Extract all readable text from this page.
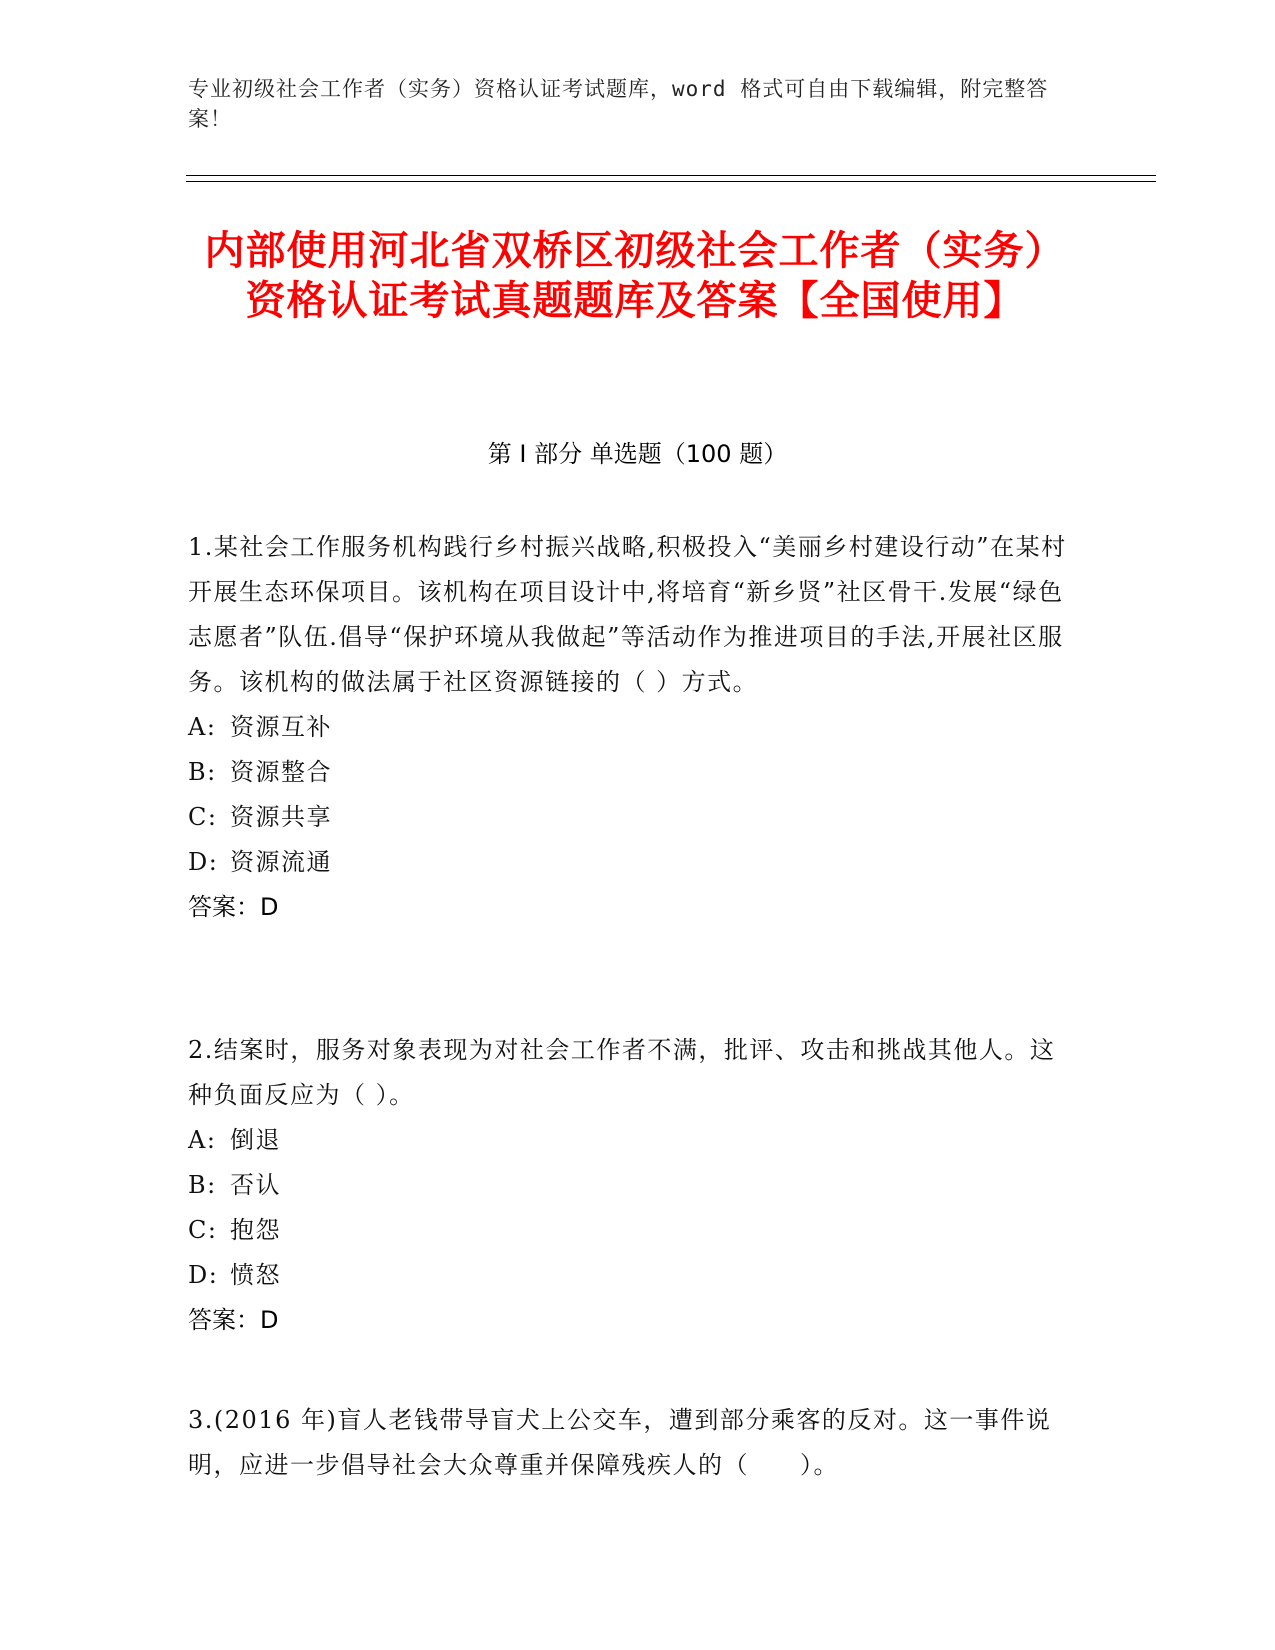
专业初级社会工作者（实务）资格认证考试题库，word 格式可自由下载编辑，附完整答案！
内部使用河北省双桥区初级社会工作者（实务）资格认证考试真题题库及答案【全国使用】
第 I 部分 单选题（100 题）
1.某社会工作服务机构践行乡村振兴战略,积极投入“美丽乡村建设行动”在某村开展生态环保项目。该机构在项目设计中,将培育“新乡贤”社区骨干.发展“绿色志愿者”队伍.倡导“保护环境从我做起”等活动作为推进项目的手法,开展社区服务。该机构的做法属于社区资源链接的（ ）方式。
A: 资源互补
B: 资源整合
C: 资源共享
D: 资源流通
答案：D
2.结案时，服务对象表现为对社会工作者不满，批评、攻击和挑战其他人。这种负面反应为（ ）。
A: 倒退
B: 否认
C: 抱怨
D: 愤怒
答案：D
3.(2016 年)盲人老钱带导盲犬上公交车，遭到部分乘客的反对。这一事件说明，应进一步倡导社会大众尊重并保障残疾人的（　　）。
